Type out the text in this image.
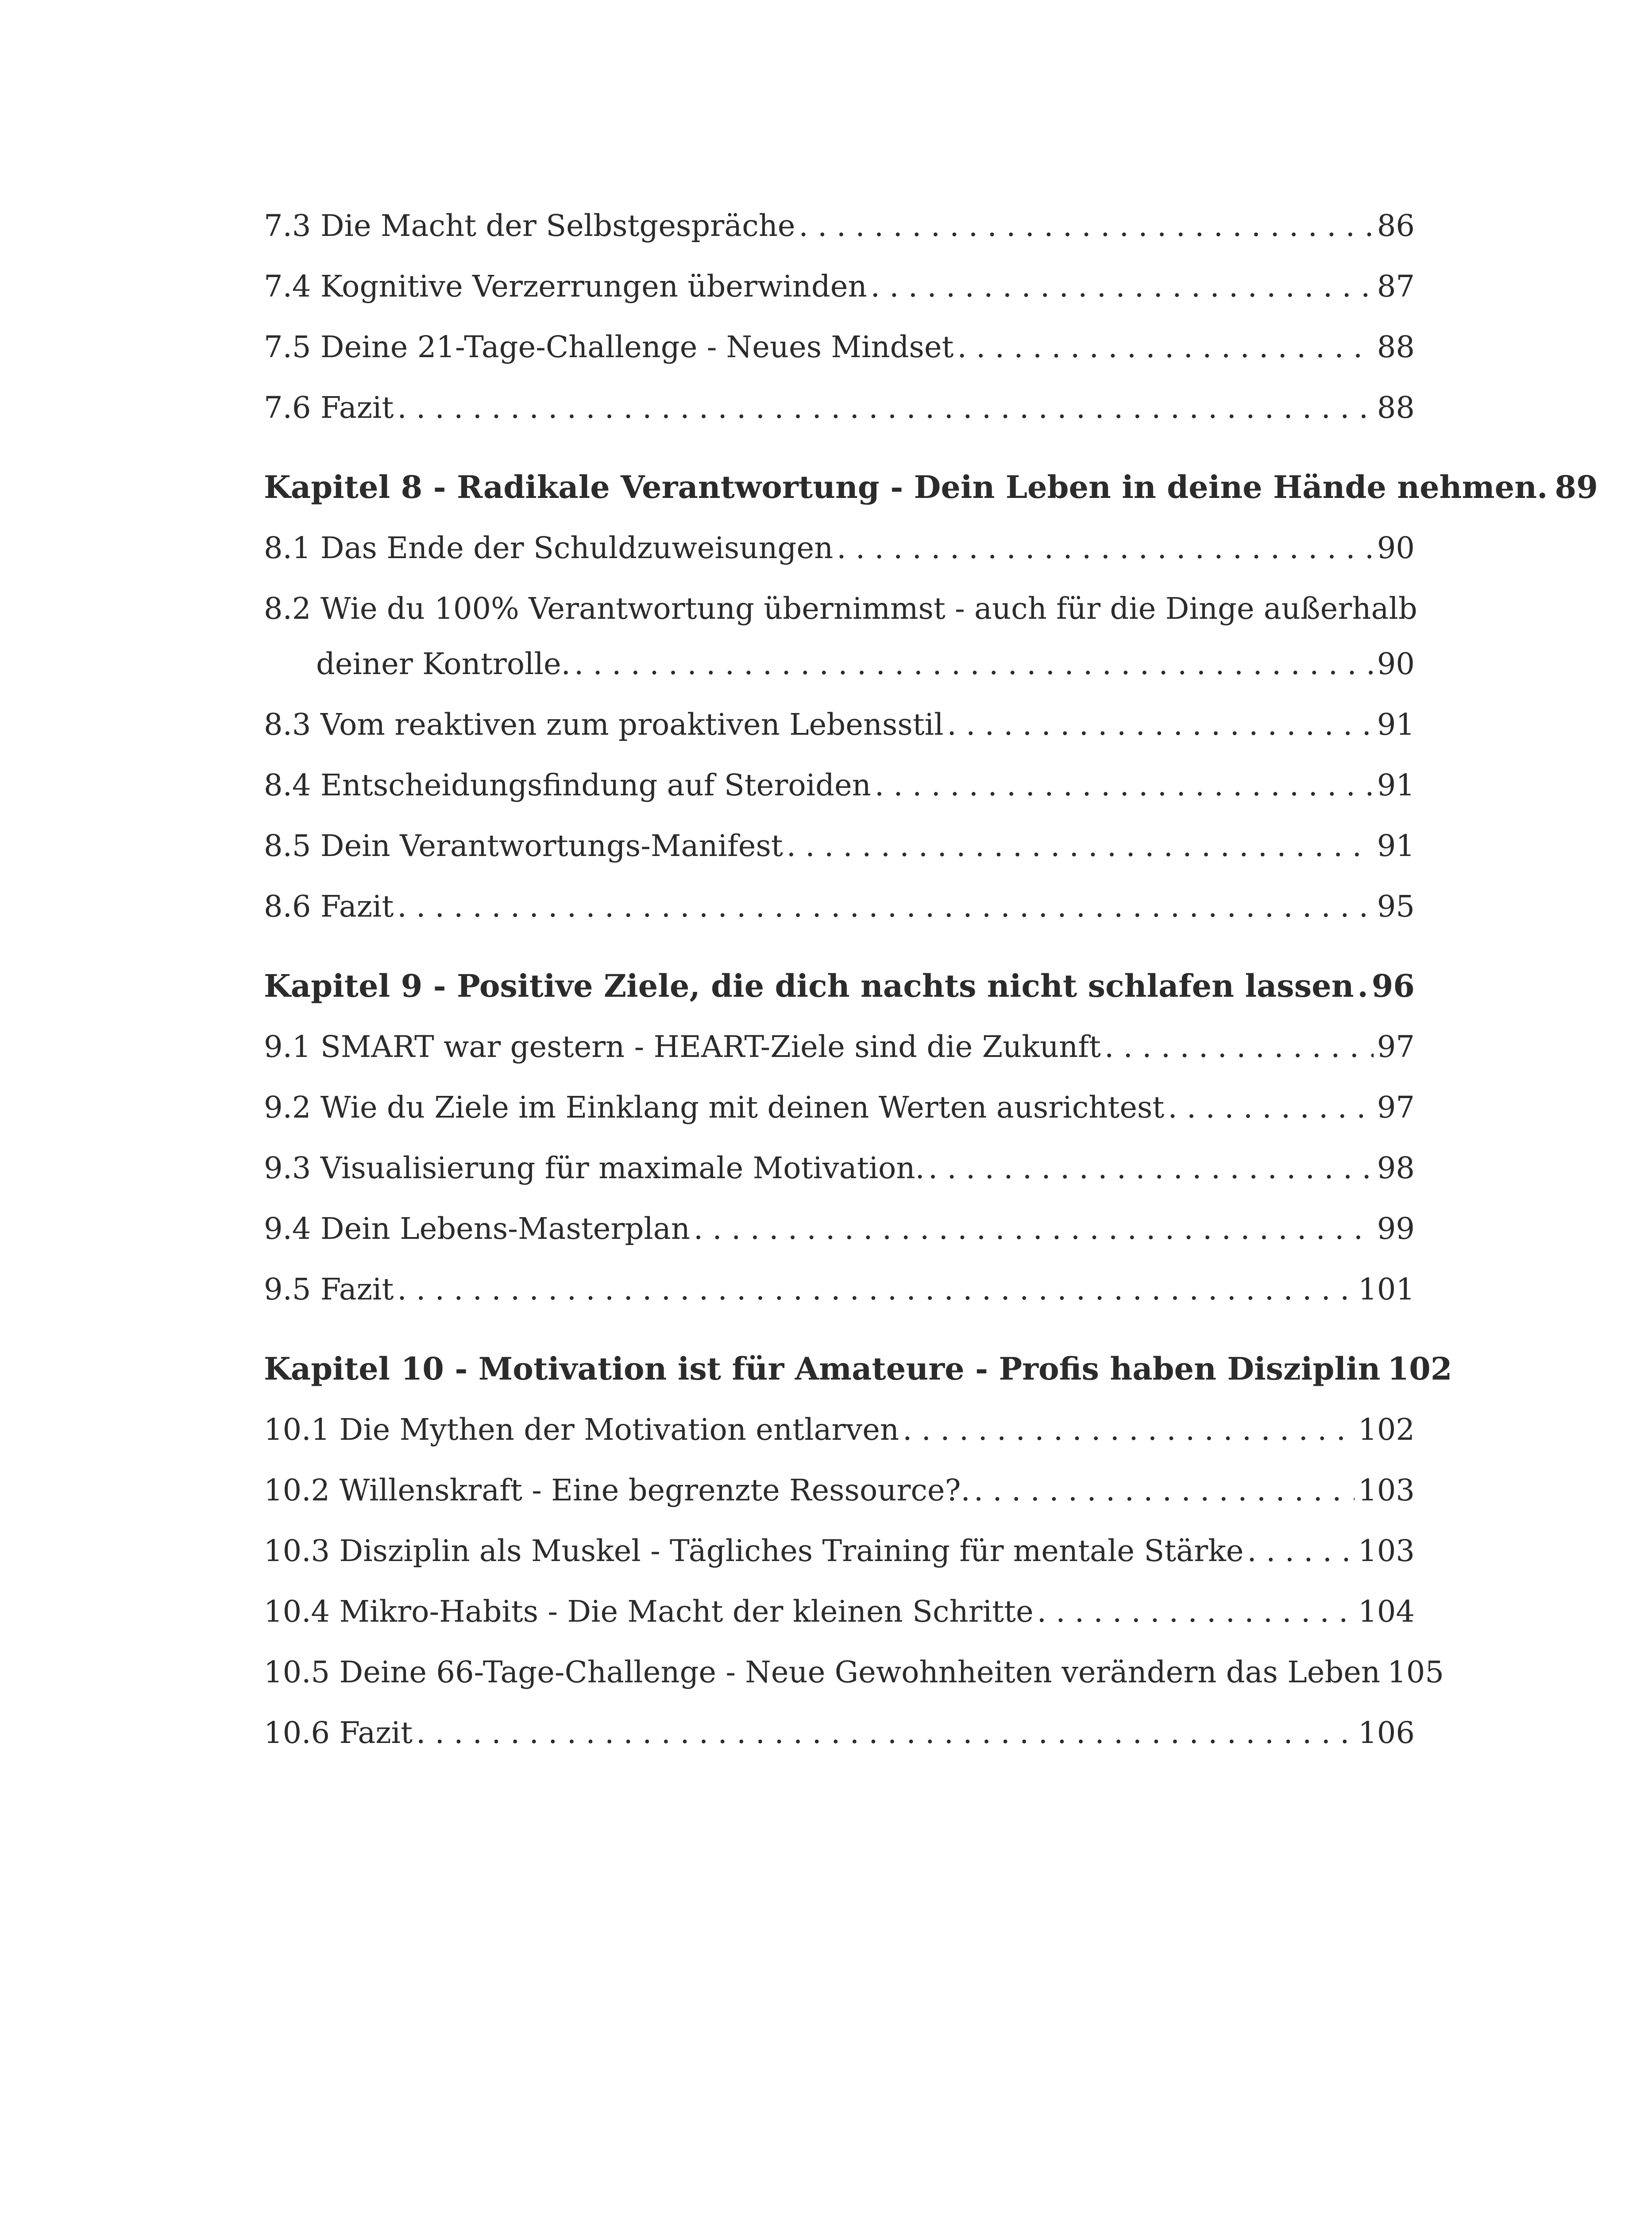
7.3 Die Macht der Selbstgespräche . . .	86
7.4 Kognitive Verzerrungen überwinden . . .	87
7.5 Deine 21-Tage-Challenge - Neues Mindset . . .	88
7.6 Fazit . . .	88
Kapitel 8 - Radikale Verantwortung - Dein Leben in deine Hände nehmen. 89
8.1 Das Ende der Schuldzuweisungen . . .	90
8.2 Wie du 100% Verantwortung übernimmst - auch für die Dinge außerhalb
deiner Kontrolle. . . .	90
8.3 Vom reaktiven zum proaktiven Lebensstil . . .	91
8.4 Entscheidungsfindung auf Steroiden . . .	91
8.5 Dein Verantwortungs-Manifest . . .	91
8.6 Fazit . . .	95
Kapitel 9 - Positive Ziele, die dich nachts nicht schlafen lassen . . . 96
9.1 SMART war gestern - HEART-Ziele sind die Zukunft . . .	97
9.2 Wie du Ziele im Einklang mit deinen Werten ausrichtest . . .	97
9.3 Visualisierung für maximale Motivation. . . .	98
9.4 Dein Lebens-Masterplan . . .	99
9.5 Fazit . . .	101
Kapitel 10 - Motivation ist für Amateure - Profis haben Disziplin 102
10.1 Die Mythen der Motivation entlarven . . .	102
10.2 Willenskraft - Eine begrenzte Ressource?. . . .	103
10.3 Disziplin als Muskel - Tägliches Training für mentale Stärke . . .	103
10.4 Mikro-Habits - Die Macht der kleinen Schritte . . .	104
10.5 Deine 66-Tage-Challenge - Neue Gewohnheiten verändern das Leben 105
10.6 Fazit . . .	106
